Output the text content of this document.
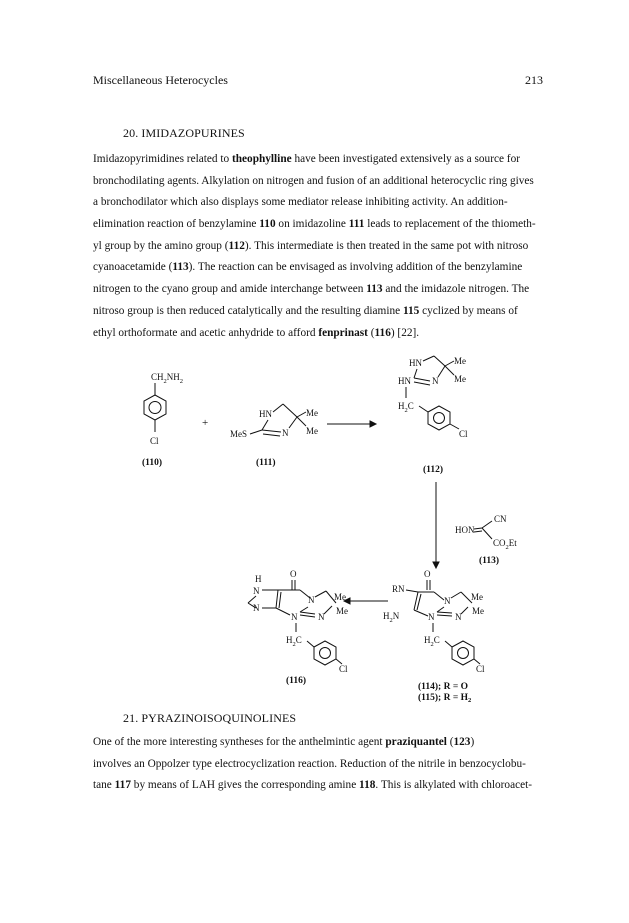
Miscellaneous Heterocycles	213
20. IMIDAZOPURINES
Imidazopyrimidines related to theophylline have been investigated extensively as a source for
bronchodilating agents. Alkylation on nitrogen and fusion of an additional heterocyclic ring gives
a bronchodilator which also displays some mediator release inhibiting activity. An addition-
elimination reaction of benzylamine 110 on imidazoline 111 leads to replacement of the thiometh-
yl group by the amino group (112). This intermediate is then treated in the same pot with nitroso
cyanoacetamide (113). The reaction can be envisaged as involving addition of the benzylamine
nitrogen to the cyano group and amide interchange between 113 and the imidazole nitrogen. The
nitroso group is then reduced catalytically and the resulting diamine 115 cyclized by means of
ethyl orthoformate and acetic anhydride to afford fenprinast (116) [22].
$CH_2NH_2$
Cl
(110)
+
HN	Me
Me
N
MeS
(111)
HN	Me
Me
N
HN
$H_2C$
Cl
(112)
CN
HON
$CO_2Et$
(113)
O
RN
N Me
Me
N
N
$H_2N$
$H_2C$
Cl
(114); R = O
(115); $R = H_2$
O
H
N
N Me
Me
N
N
N
$H_2C$
Cl
(116)
21. PYRAZINOISOQUINOLINES
One of the more interesting syntheses for the anthelmintic agent praziquantel (123)
involves an Oppolzer type electrocyclization reaction. Reduction of the nitrile in benzocyclobu-
tane 117 by means of LAH gives the corresponding amine 118. This is alkylated with chloroacet-
